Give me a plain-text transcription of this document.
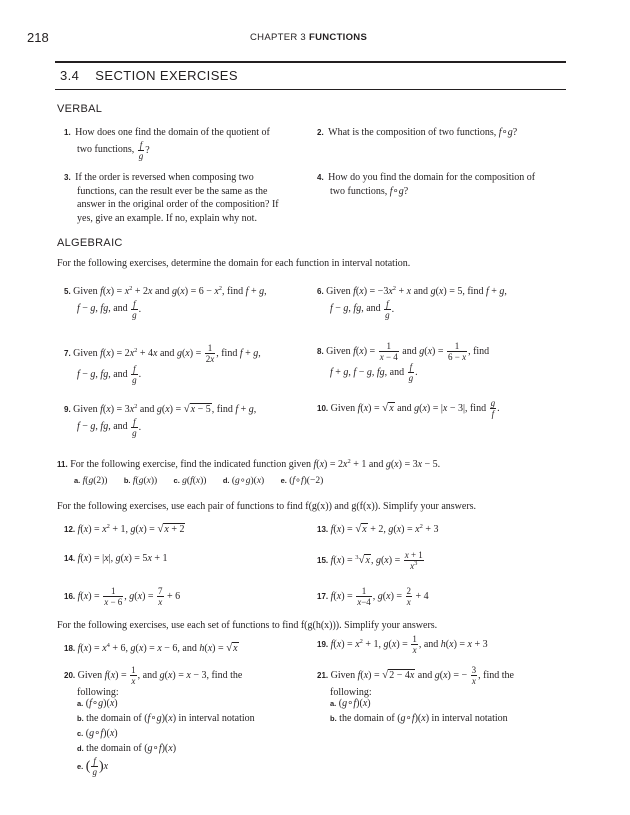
218	CHAPTER 3 FUNCTIONS
3.4 SECTION EXERCISES
VERBAL
1. How does one find the domain of the quotient of
two functions, $\frac{f}{g}$ ?
2. What is the composition of two functions, f∘g?
3. If the order is reversed when composing two
functions, can the result ever be the same as the
answer in the original order of the composition? If
yes, give an example. If no, explain why not.
4. How do you find the domain for the composition of
two functions, f∘g?
ALGEBRAIC
For the following exercises, determine the domain for each function in interval notation.
5. Given $f(x) = x^2 + 2x$ and $g(x) = 6 - x^2$, find f + g,
f − g, fg, and $\frac{f}{g}$ .
6. Given $f(x) = -3x^2 + x$ and g(x) = 5, find f + g,
f − g, fg, and $\frac{f}{g}$ .
7. Given $f(x) = 2x^2 + 4x$ and $g(x) = \frac{1}{2x}$ , find f + g,
f − g, fg, and $\frac{f}{g}$ .
8. Given $f(x) = \frac{1}{x - 4}$ and $g(x) = \frac{1}{6 - x}$ , find
f + g, f − g, fg, and $\frac{f}{g}$ .
9. Given $f(x) = 3x^2$ and g(x) = √x − 5, find f + g,
f − g, fg, and $\frac{f}{g}$ .
10. Given f(x) = √x and g(x) = |x − 3|, find $\frac{g}{f}$ .
11. For the following exercise, find the indicated function given $f(x) = 2x^2 + 1$ and g(x) = 3x − 5.
a. f(g(2)) b. f(g(x)) c. g(f(x)) d. (g∘g)(x) e. (f∘f)(−2)
For the following exercises, use each pair of functions to find f(g(x)) and g(f(x)). Simplify your answers.
12. $f(x) = x^2 + 1$, g(x) = √x + 2	13. f(x) = √x + 2, $g(x) = x^2 + 3$
14. f(x) = |x|, g(x) = 5x + 1	15. f(x) = $^3$√x, $g(x) = \frac{x + 1}{x^3}$
16. $f(x) = \frac{1}{x - 6}$ , $g(x) = \frac{7}{x} + 6$	17. $f(x) = \frac{1}{x-4}$ , $g(x) = \frac{2}{x} + 4$
For the following exercises, use each set of functions to find f(g(h(x))). Simplify your answers.
18. $f(x) = x^4 + 6$, g(x) = x − 6, and h(x) = √x	19. $f(x) = x^2 + 1$, $g(x) = \frac{1}{x}$ , and h(x) = x + 3
20. Given $f(x) = \frac{1}{x}$ , and g(x) = x − 3, find the
following:
a. (f∘g)(x)
b. the domain of (f∘g)(x) in interval notation
c. (g∘f)(x)
d. the domain of (g∘f)(x)
e. ( $\frac{f}{g} )x$
21. Given f(x) = √2 − 4x and g(x) = − $\frac{3}{x}$ , find the
following:
a. (g∘f)(x)
b. the domain of (g∘f)(x) in interval notation
